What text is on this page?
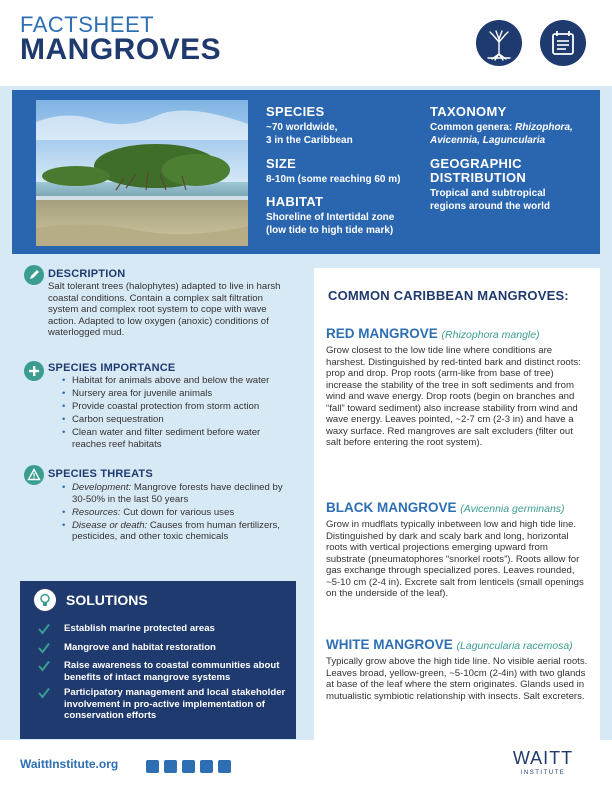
FACTSHEET
MANGROVES
SPECIES

~70 worldwide,

3 in the Caribbean

SIZE

8-10m (some reaching 60 m)

HABITAT

Shoreline of Intertidal zone

(low tide to high tide mark)

TAXONOMY

Common genera: Rhizophora,

Avicennia, Laguncularia

GEOGRAPHIC
DISTRIBUTION

Tropical and subtropical

regions around the world

DESCRIPTION
Salt tolerant trees (halophytes) adapted to live in harsh coastal conditions. Contain a complex salt filtration system and complex root system to cope with wave action. Adapted to low oxygen (anoxic) conditions of waterlogged mud.
SPECIES IMPORTANCE
• Habitat for animals above and below the water
• Nursery area for juvenile animals
• Provide coastal protection from storm action
• Carbon sequestration
• Clean water and filter sediment before water reaches reef habitats
SPECIES THREATS
• Development: Mangrove forests have declined by 30-50% in the last 50 years
• Resources: Cut down for various uses
• Disease or death: Causes from human fertilizers, pesticides, and other toxic chemicals
SOLUTIONS
Establish marine protected areas
Mangrove and habitat restoration
Raise awareness to coastal communities about benefits of intact mangrove systems
Participatory management and local stakeholder involvement in pro-active implementation of conservation efforts
COMMON CARIBBEAN MANGROVES:
RED MANGROVE (Rhizophora mangle)
Grow closest to the low tide line where conditions are harshest. Distinguished by red-tinted bark and distinct roots: prop and drop. Prop roots (arm-like from base of tree) increase the stability of the tree in soft sediments and from wind and wave energy. Drop roots (begin on branches and “fall” toward sediment) also increase stability from wind and wave energy. Leaves pointed, ~2-7 cm (2-3 in) and have a waxy surface. Red mangroves are salt excluders (filter out salt before entering the root system).
BLACK MANGROVE (Avicennia germinans)
Grow in mudflats typically inbetween low and high tide line. Distinguished by dark and scaly bark and long, horizontal roots with vertical projections emerging upward from substrate (pneumatophores “snorkel roots”). Roots allow for gas exchange through specialized pores. Leaves rounded, ~5-10 cm (2-4 in). Excrete salt from lenticels (small openings on the underside of the leaf).
WHITE MANGROVE (Laguncularia racemosa)
Typically grow above the high tide line. No visible aerial roots. Leaves broad, yellow-green, ~5-10cm (2-4in) with two glands at base of the leaf where the stem originates. Glands used in mutualistic symbiotic relationship with insects. Salt excreters.
WaittInstitute.org	WAITT
INSTITUTE
